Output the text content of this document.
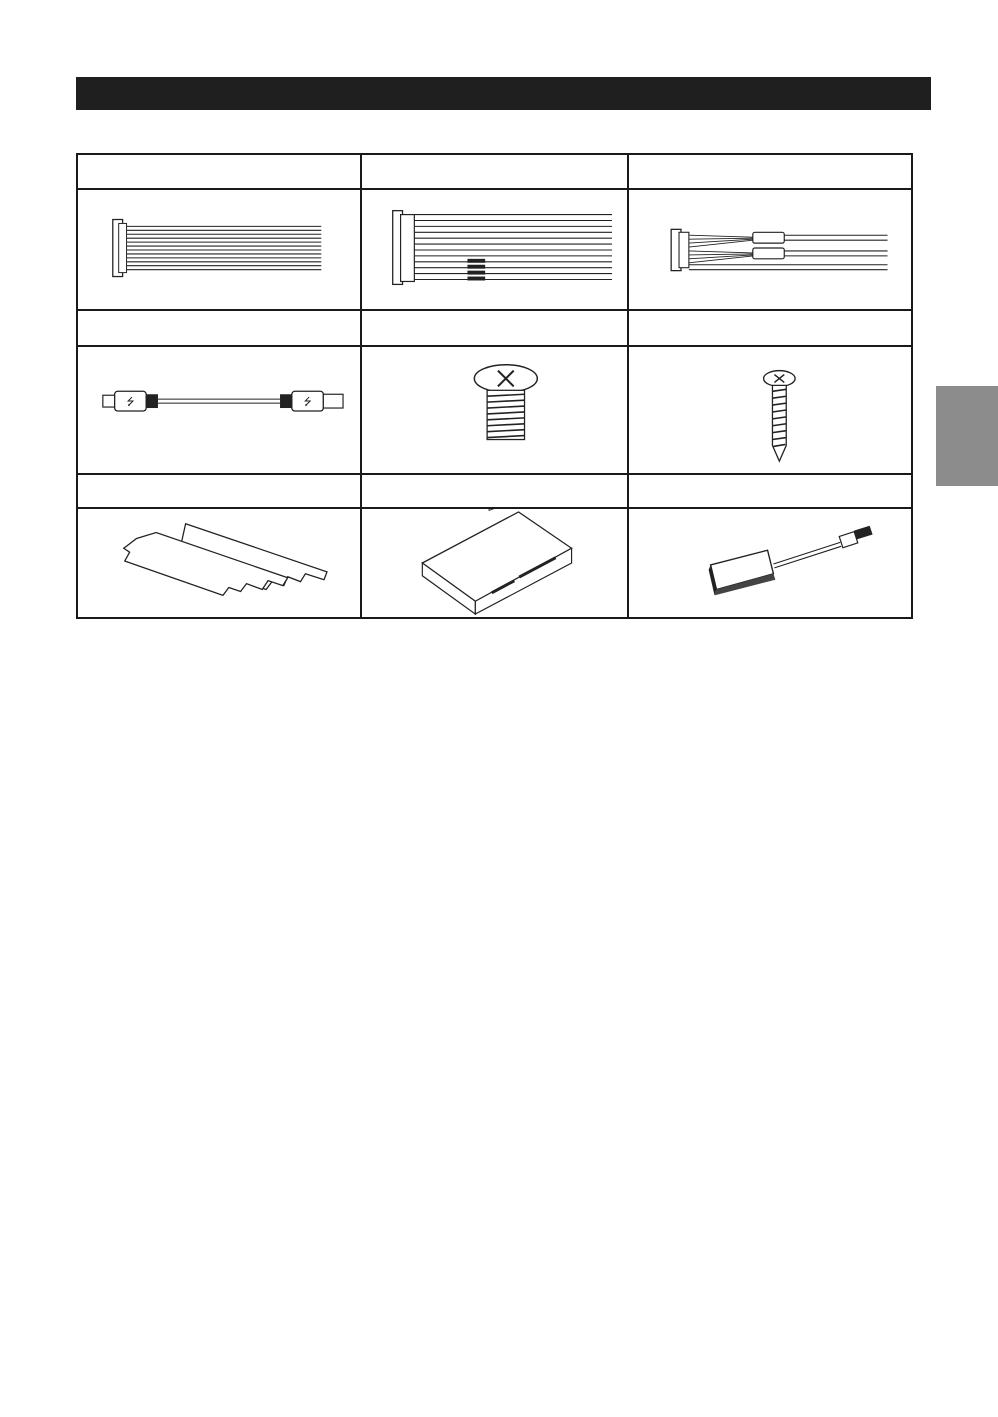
⭍	⭍
